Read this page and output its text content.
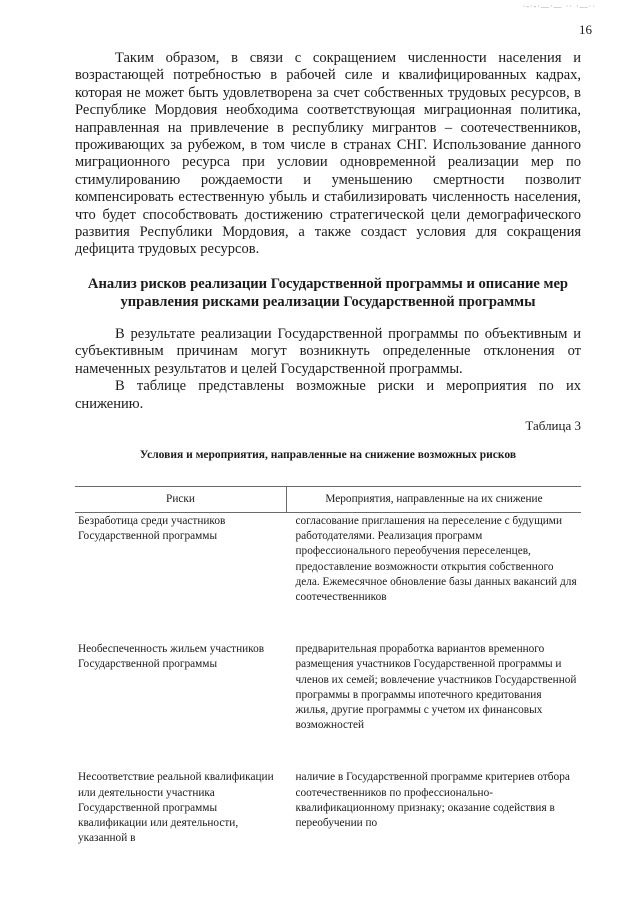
·-·-·—·— ·· ·—··
16

Таким образом, в связи с сокращением численности населения и возрастающей потребностью в рабочей силе и квалифицированных кадрах, которая не может быть удовлетворена за счет собственных трудовых ресурсов, в Республике Мордовия необходима соответствующая миграционная политика, направленная на привлечение в республику мигрантов – соотечественников, проживающих за рубежом, в том числе в странах СНГ. Использование данного миграционного ресурса при условии одновременной реализации мер по стимулированию рождаемости и уменьшению смертности позволит компенсировать естественную убыль и стабилизировать численность населения, что будет способствовать достижению стратегической цели демографического развития Республики Мордовия, а также создаст условия для сокращения дефицита трудовых ресурсов.

Анализ рисков реализации Государственной программы и описание мер управления рисками реализации Государственной программы

В результате реализации Государственной программы по объективным и субъективным причинам могут возникнуть определенные отклонения от намеченных результатов и целей Государственной программы.

В таблице представлены возможные риски и мероприятия по их снижению.

Таблица 3
Условия и мероприятия, направленные на снижение возможных рисков
Риски	Мероприятия, направленные на их снижение
Безработица среди участников Государственной программы	согласование приглашения на переселение с будущими работодателями. Реализация программ профессионального переобучения переселенцев, предоставление возможности открытия собственного дела. Ежемесячное обновление базы данных вакансий для соотечественников
Необеспеченность жильем участников Государственной программы	предварительная проработка вариантов временного размещения участников Государственной программы и членов их семей; вовлечение участников Государственной программы в программы ипотечного кредитования жилья, другие программы с учетом их финансовых возможностей
Несоответствие реальной квалификации или деятельности участника Государственной программы квалификации или деятельности, указанной в	наличие в Государственной программе критериев отбора соотечественников по профессионально-квалификационному признаку; оказание содействия в переобучении по
